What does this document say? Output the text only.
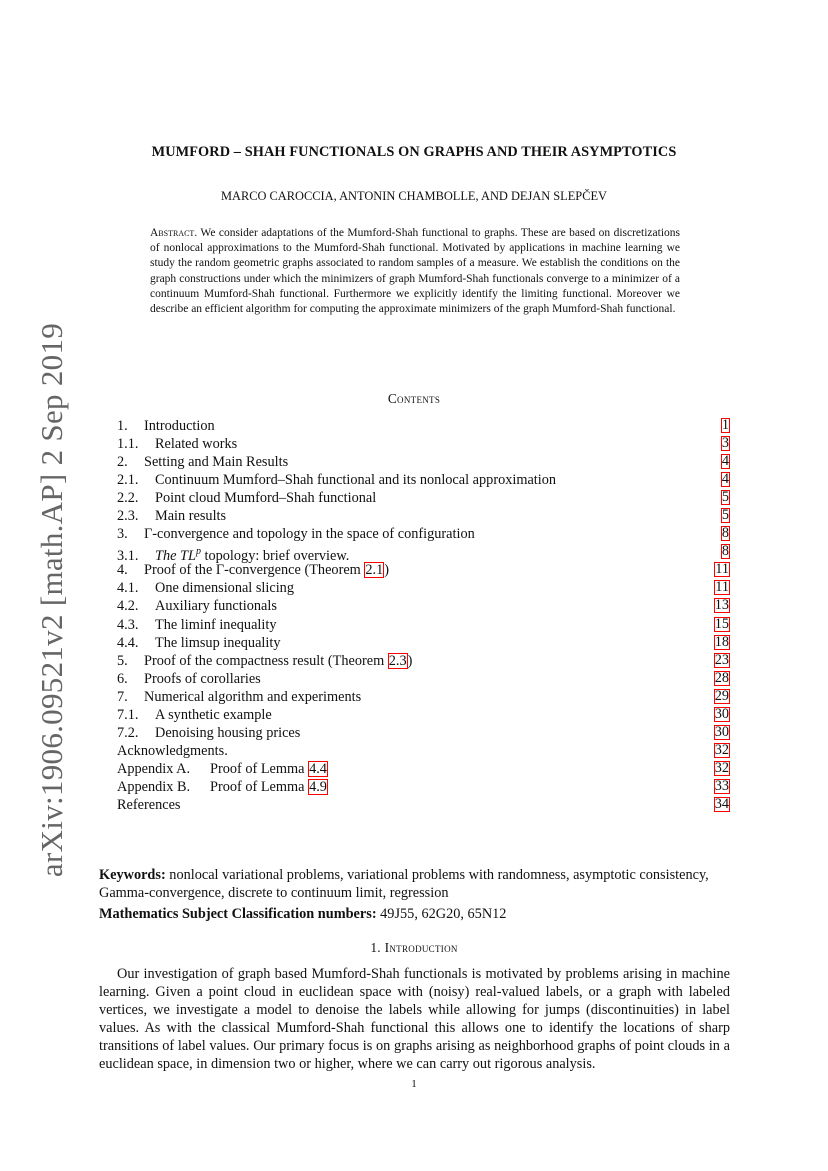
arXiv:1906.09521v2 [math.AP] 2 Sep 2019
MUMFORD – SHAH FUNCTIONALS ON GRAPHS AND THEIR ASYMPTOTICS
MARCO CAROCCIA, ANTONIN CHAMBOLLE, AND DEJAN SLEPČEV
Abstract. We consider adaptations of the Mumford-Shah functional to graphs. These are based on discretizations of nonlocal approximations to the Mumford-Shah functional. Motivated by applications in machine learning we study the random geometric graphs associated to random samples of a measure. We establish the conditions on the graph constructions under which the minimizers of graph Mumford-Shah functionals converge to a minimizer of a continuum Mumford-Shah functional. Furthermore we explicitly identify the limiting functional. Moreover we describe an efficient algorithm for computing the approximate minimizers of the graph Mumford-Shah functional.
Contents
1. Introduction	1
1.1. Related works	3
2. Setting and Main Results	4
2.1. Continuum Mumford–Shah functional and its nonlocal approximation	4
2.2. Point cloud Mumford–Shah functional	5
2.3. Main results	5
3. Γ-convergence and topology in the space of configuration	8
3.1. The $TL^p$ topology: brief overview.	8
4. Proof of the Γ-convergence (Theorem 2.1)	11
4.1. One dimensional slicing	11
4.2. Auxiliary functionals	13
4.3. The liminf inequality	15
4.4. The limsup inequality	18
5. Proof of the compactness result (Theorem 2.3)	23
6. Proofs of corollaries	28
7. Numerical algorithm and experiments	29
7.1. A synthetic example	30
7.2. Denoising housing prices	30
Acknowledgments.	32
Appendix A. Proof of Lemma 4.4	32
Appendix B. Proof of Lemma 4.9	33
References	34
Keywords: nonlocal variational problems, variational problems with randomness, asymptotic consistency, Gamma-convergence, discrete to continuum limit, regression
Mathematics Subject Classification numbers: 49J55, 62G20, 65N12
1. Introduction
Our investigation of graph based Mumford-Shah functionals is motivated by problems arising in machine learning. Given a point cloud in euclidean space with (noisy) real-valued labels, or a graph with labeled vertices, we investigate a model to denoise the labels while allowing for jumps (discontinuities) in label values. As with the classical Mumford-Shah functional this allows one to identify the locations of sharp transitions of label values. Our primary focus is on graphs arising as neighborhood graphs of point clouds in a euclidean space, in dimension two or higher, where we can carry out rigorous analysis.
1
